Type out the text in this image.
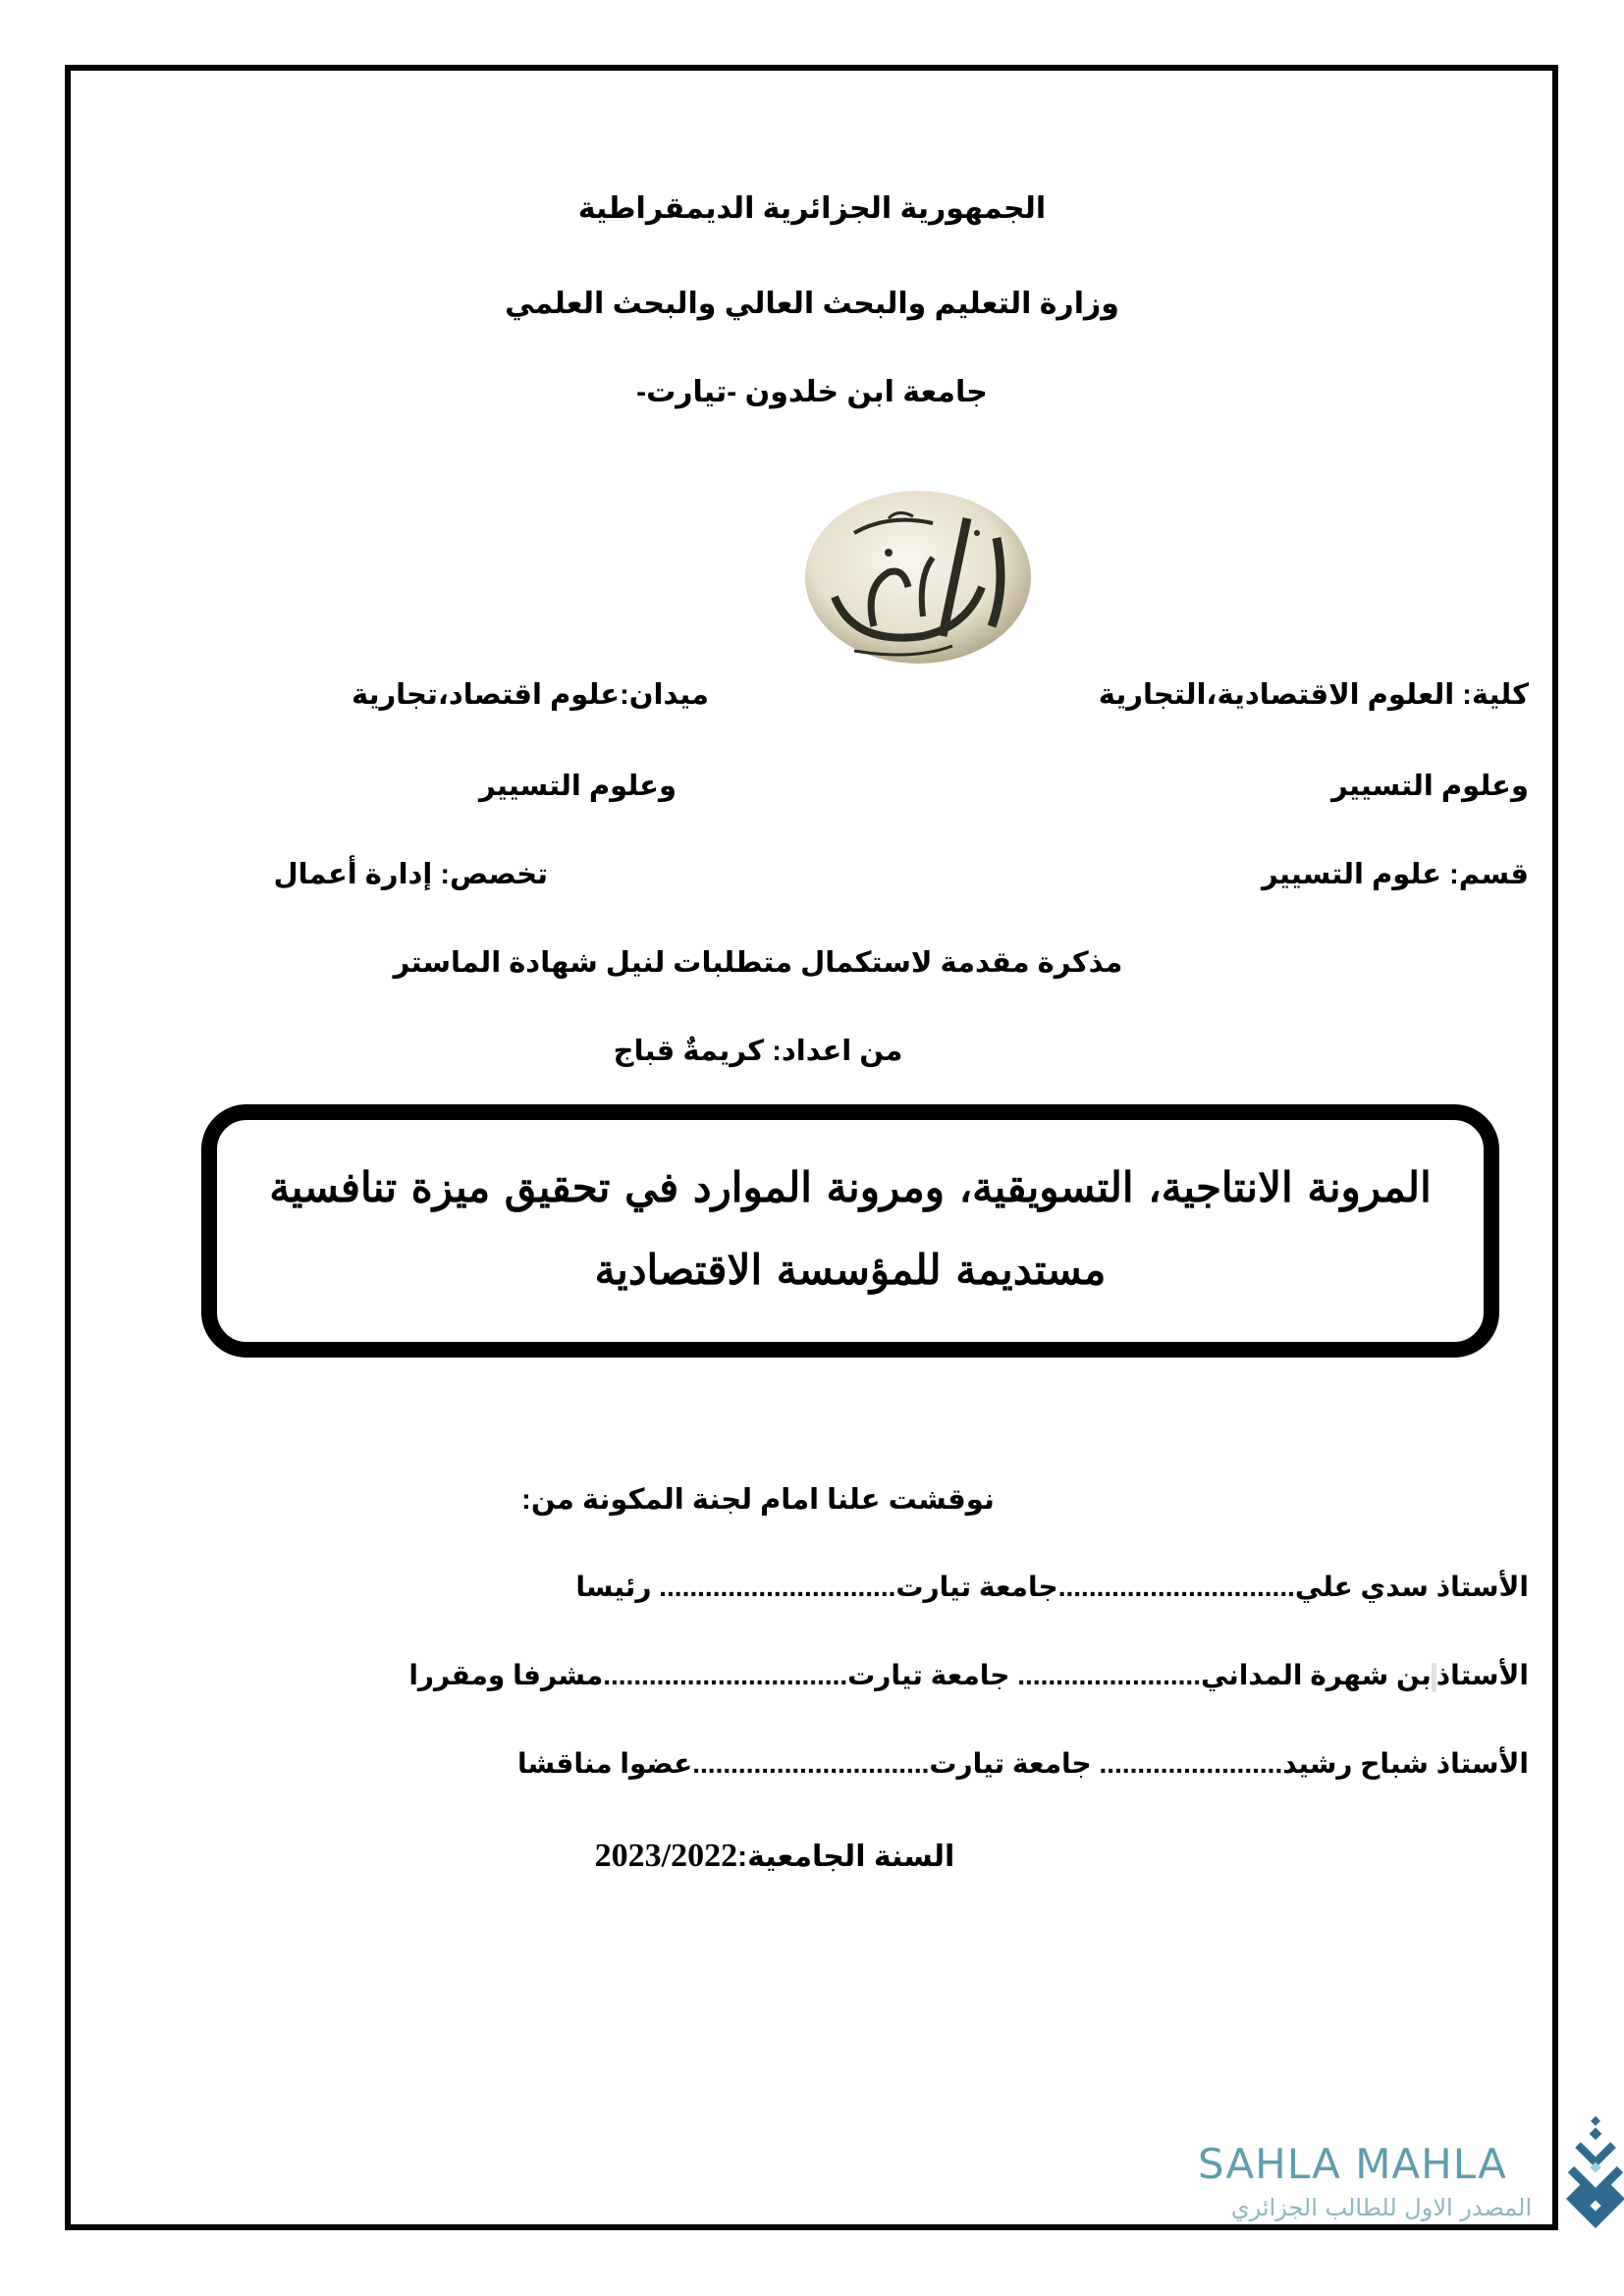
الجمهورية الجزائرية الديمقراطية
وزارة التعليم والبحث العالي والبحث العلمي
جامعة ابن خلدون -تيارت-
كلية: العلوم الاقتصادية،التجارية
وعلوم التسيير
قسم: علوم التسيير
ميدان:علوم اقتصاد،تجارية
وعلوم التسيير
تخصص: إدارة أعمال
مذكرة مقدمة لاستكمال متطلبات لنيل شهادة الماستر
من اعداد: كريمةٌ قباج
المرونة الانتاجية، التسويقية، ومرونة الموارد في تحقيق ميزة تنافسية
مستديمة للمؤسسة الاقتصادية
نوقشت علنا امام لجنة المكونة من:
الأستاذ سدي علي...............................جامعة تيارت............................... رئيسا
الأستاذبن شهرة المداني........................ جامعة تيارت................................مشرفا ومقررا
الأستاذ شباح رشيد........................ جامعة تيارت...............................عضوا مناقشا
السنة الجامعية:2023/2022
SAHLA MAHLA
المصدر الاول للطالب الجزائري
